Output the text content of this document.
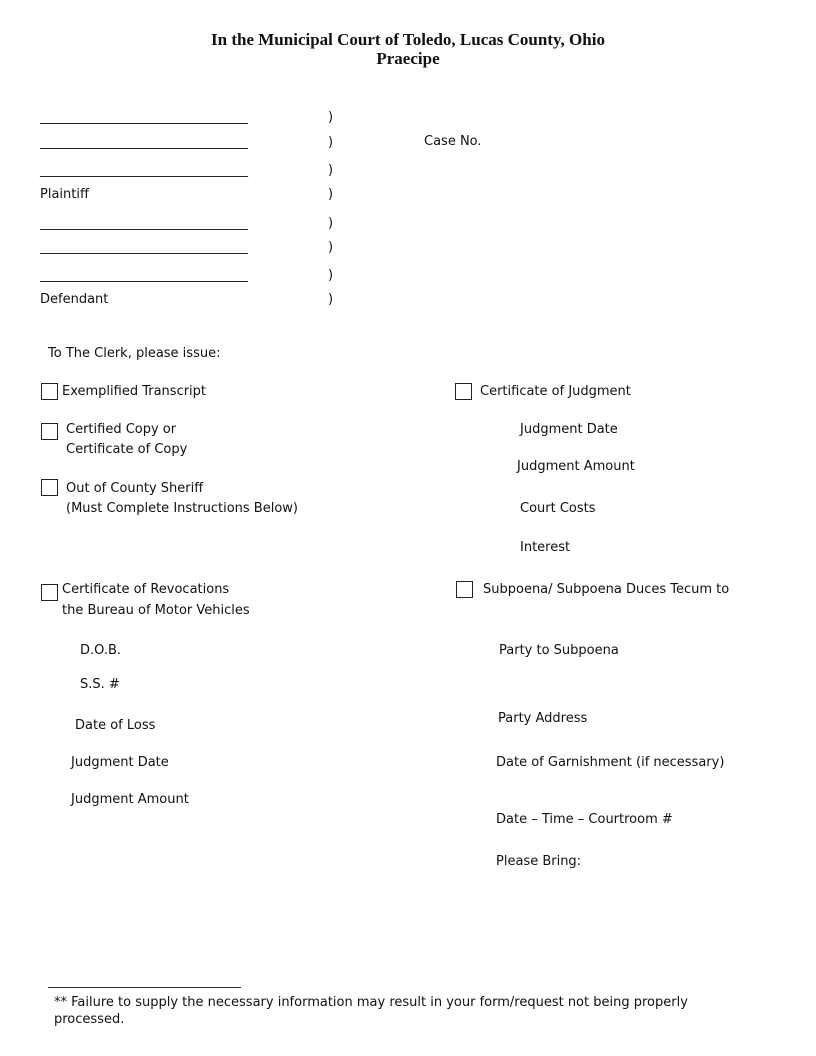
In the Municipal Court of Toledo, Lucas County, Ohio
Praecipe
________________________________	)
________________________________	)	Case No.
________________________________	)
Plaintiff	)
________________________________	)
________________________________	)
________________________________	)
Defendant	)
To The Clerk, please issue:
Exemplified Transcript
Certified Copy or
Certificate of Copy
Out of County Sheriff
(Must Complete Instructions Below)
Certificate of Revocations
the Bureau of Motor Vehicles
D.O.B.
S.S. #
Date of Loss
Judgment Date
Judgment Amount
Certificate of Judgment
Judgment Date
Judgment Amount
Court Costs
Interest
Subpoena/ Subpoena Duces Tecum to
Party to Subpoena
Party Address
Date of Garnishment (if necessary)
Date – Time – Courtroom #
Please Bring:
** Failure to supply the necessary information may result in your form/request not being properly processed.
